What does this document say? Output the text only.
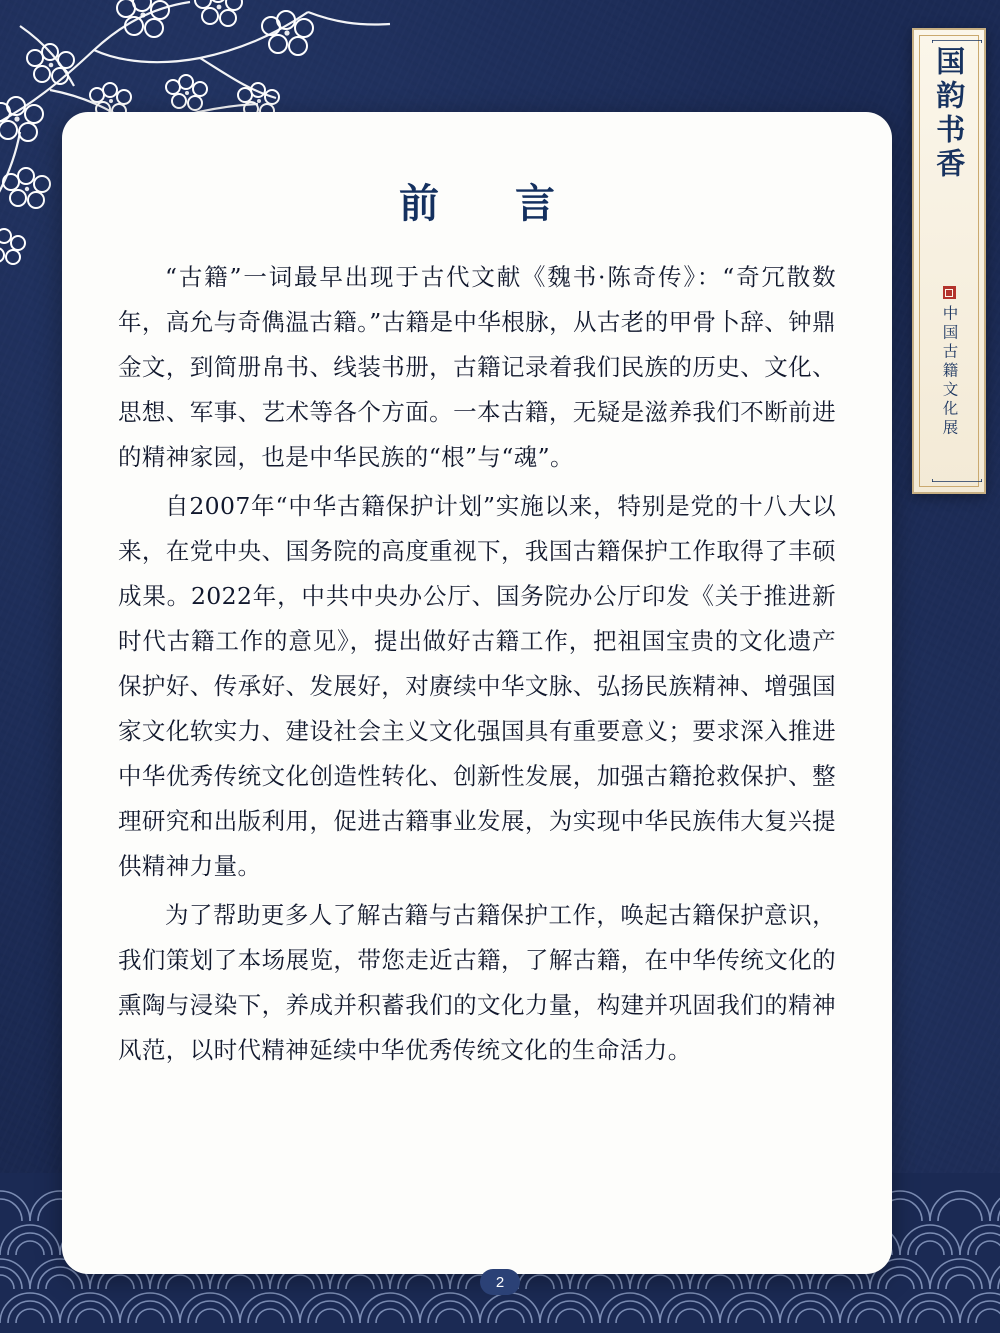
前　言

“古籍”一词最早出现于古代文献《魏书·陈奇传》：“奇冗散数年，高允与奇儁温古籍。”古籍是中华根脉，从古老的甲骨卜辞、钟鼎金文，到简册帛书、线装书册，古籍记录着我们民族的历史、文化、思想、军事、艺术等各个方面。一本古籍，无疑是滋养我们不断前进的精神家园，也是中华民族的“根”与“魂”。

自2007年“中华古籍保护计划”实施以来，特别是党的十八大以来，在党中央、国务院的高度重视下，我国古籍保护工作取得了丰硕成果。2022年，中共中央办公厅、国务院办公厅印发《关于推进新时代古籍工作的意见》，提出做好古籍工作，把祖国宝贵的文化遗产保护好、传承好、发展好，对赓续中华文脉、弘扬民族精神、增强国家文化软实力、建设社会主义文化强国具有重要意义；要求深入推进中华优秀传统文化创造性转化、创新性发展，加强古籍抢救保护、整理研究和出版利用，促进古籍事业发展，为实现中华民族伟大复兴提供精神力量。

为了帮助更多人了解古籍与古籍保护工作，唤起古籍保护意识，我们策划了本场展览，带您走近古籍，了解古籍，在中华传统文化的熏陶与浸染下，养成并积蓄我们的文化力量，构建并巩固我们的精神风范，以时代精神延续中华优秀传统文化的生命活力。

2
国韵书香
中国古籍文化展
